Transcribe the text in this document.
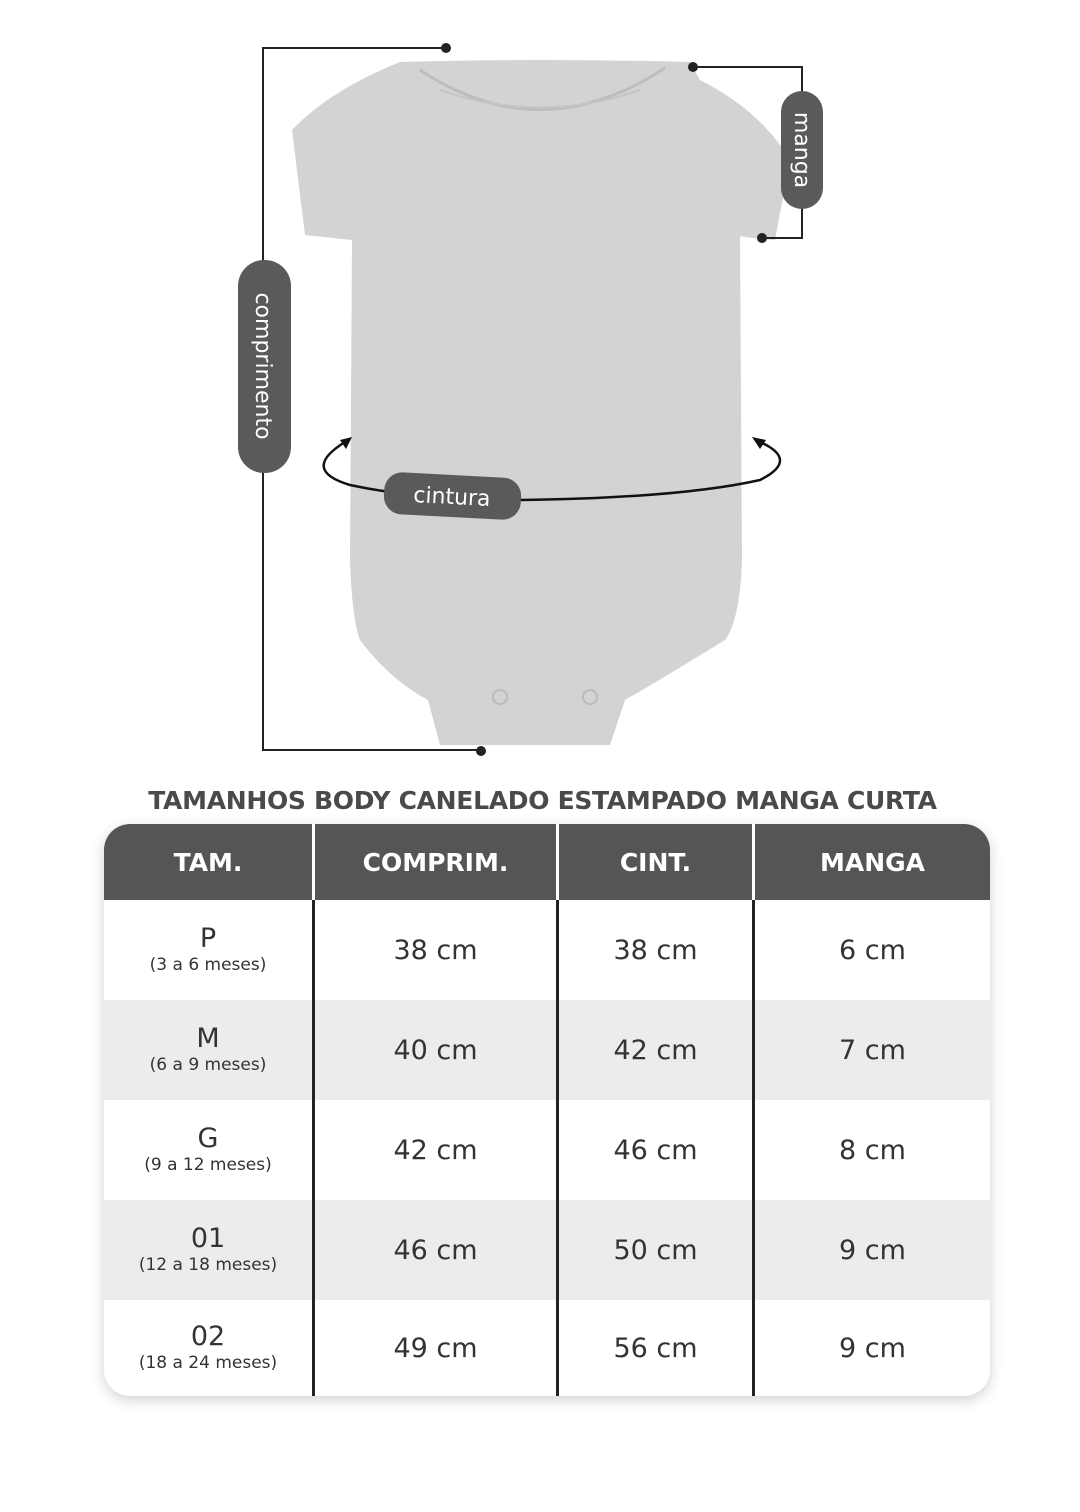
comprimento
manga
cintura
TAMANHOS BODY CANELADO ESTAMPADO MANGA CURTA
TAM.	COMPRIM.	CINT.	MANGA
P
(3 a 6 meses)	38 cm	38 cm	6 cm
M
(6 a 9 meses)	40 cm	42 cm	7 cm
G
(9 a 12 meses)	42 cm	46 cm	8 cm
01
(12 a 18 meses)	46 cm	50 cm	9 cm
02
(18 a 24 meses)	49 cm	56 cm	9 cm
